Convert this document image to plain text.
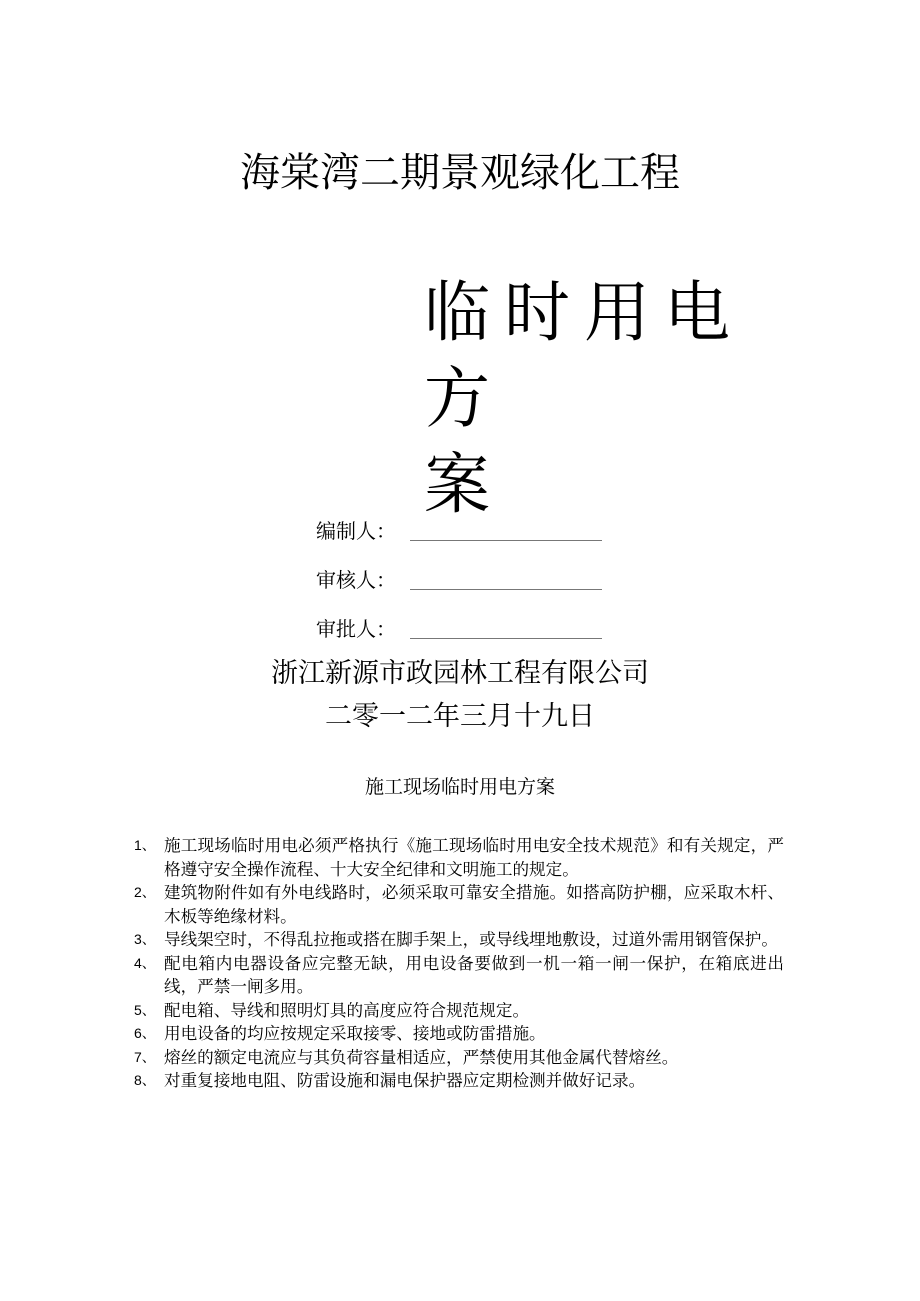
海棠湾二期景观绿化工程
临时用电方
案
编制人：
审核人：
审批人：
浙江新源市政园林工程有限公司
二零一二年三月十九日
施工现场临时用电方案
1、 施工现场临时用电必须严格执行《施工现场临时用电安全技术规范》和有关规定，严格遵守安全操作流程、十大安全纪律和文明施工的规定。
2、 建筑物附件如有外电线路时，必须采取可靠安全措施。如搭高防护棚，应采取木杆、木板等绝缘材料。
3、 导线架空时，不得乱拉拖或搭在脚手架上，或导线埋地敷设，过道外需用钢管保护。
4、 配电箱内电器设备应完整无缺，用电设备要做到一机一箱一闸一保护，在箱底进出线，严禁一闸多用。
5、 配电箱、导线和照明灯具的高度应符合规范规定。
6、 用电设备的均应按规定采取接零、接地或防雷措施。
7、 熔丝的额定电流应与其负荷容量相适应，严禁使用其他金属代替熔丝。
8、 对重复接地电阻、防雷设施和漏电保护器应定期检测并做好记录。
